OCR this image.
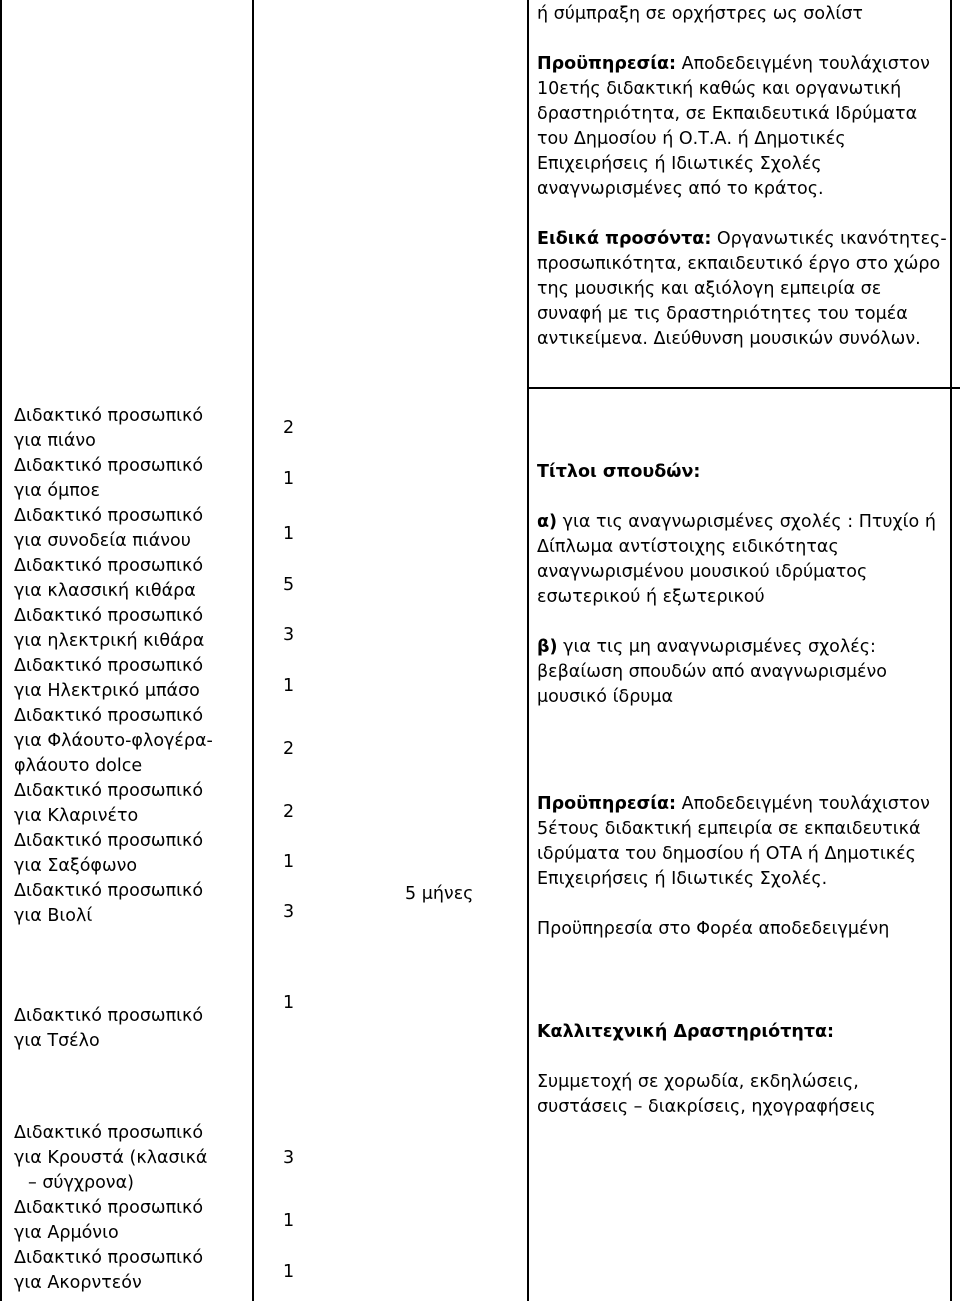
ή σύμπραξη σε ορχήστρες ως σολίστ
Προϋπηρεσία: Αποδεδειγμένη τουλάχιστον
10ετής διδακτική καθώς και οργανωτική
δραστηριότητα, σε Εκπαιδευτικά Ιδρύματα
του Δημοσίου ή Ο.Τ.Α. ή Δημοτικές
Επιχειρήσεις ή Ιδιωτικές Σχολές
αναγνωρισμένες από το κράτος.
Ειδικά προσόντα: Οργανωτικές ικανότητες-
προσωπικότητα, εκπαιδευτικό έργο στο χώρο
της μουσικής και αξιόλογη εμπειρία σε
συναφή με τις δραστηριότητες του τομέα
αντικείμενα. Διεύθυνση μουσικών συνόλων.
Διδακτικό προσωπικό
για πιάνο
Διδακτικό προσωπικό
για όμποε
Διδακτικό προσωπικό
για συνοδεία πιάνου
Διδακτικό προσωπικό
για κλασσική κιθάρα
Διδακτικό προσωπικό
για ηλεκτρική κιθάρα
Διδακτικό προσωπικό
για Ηλεκτρικό μπάσο
Διδακτικό προσωπικό
για Φλάουτο-φλογέρα-
φλάουτο dolce
Διδακτικό προσωπικό
για Κλαρινέτο
Διδακτικό προσωπικό
για Σαξόφωνο
Διδακτικό προσωπικό
για Βιολί
Διδακτικό προσωπικό
για Τσέλο
Διδακτικό προσωπικό
για Κρουστά (κλασικά
– σύγχρονα)
Διδακτικό προσωπικό
για Αρμόνιο
Διδακτικό προσωπικό
για Ακορντεόν
2
1
1
5
3
1
2
2
1
3
1
3
1
1
5 μήνες
Τίτλοι σπουδών:
α) για τις αναγνωρισμένες σχολές : Πτυχίο ή
Δίπλωμα αντίστοιχης ειδικότητας
αναγνωρισμένου μουσικού ιδρύματος
εσωτερικού ή εξωτερικού
β) για τις μη αναγνωρισμένες σχολές:
βεβαίωση σπουδών από αναγνωρισμένο
μουσικό ίδρυμα
Προϋπηρεσία: Αποδεδειγμένη τουλάχιστον
5έτους διδακτική εμπειρία σε εκπαιδευτικά
ιδρύματα του δημοσίου ή ΟΤΑ ή Δημοτικές
Επιχειρήσεις ή Ιδιωτικές Σχολές.
Προϋπηρεσία στο Φορέα αποδεδειγμένη
Καλλιτεχνική Δραστηριότητα:
Συμμετοχή σε χορωδία, εκδηλώσεις,
συστάσεις – διακρίσεις, ηχογραφήσεις
